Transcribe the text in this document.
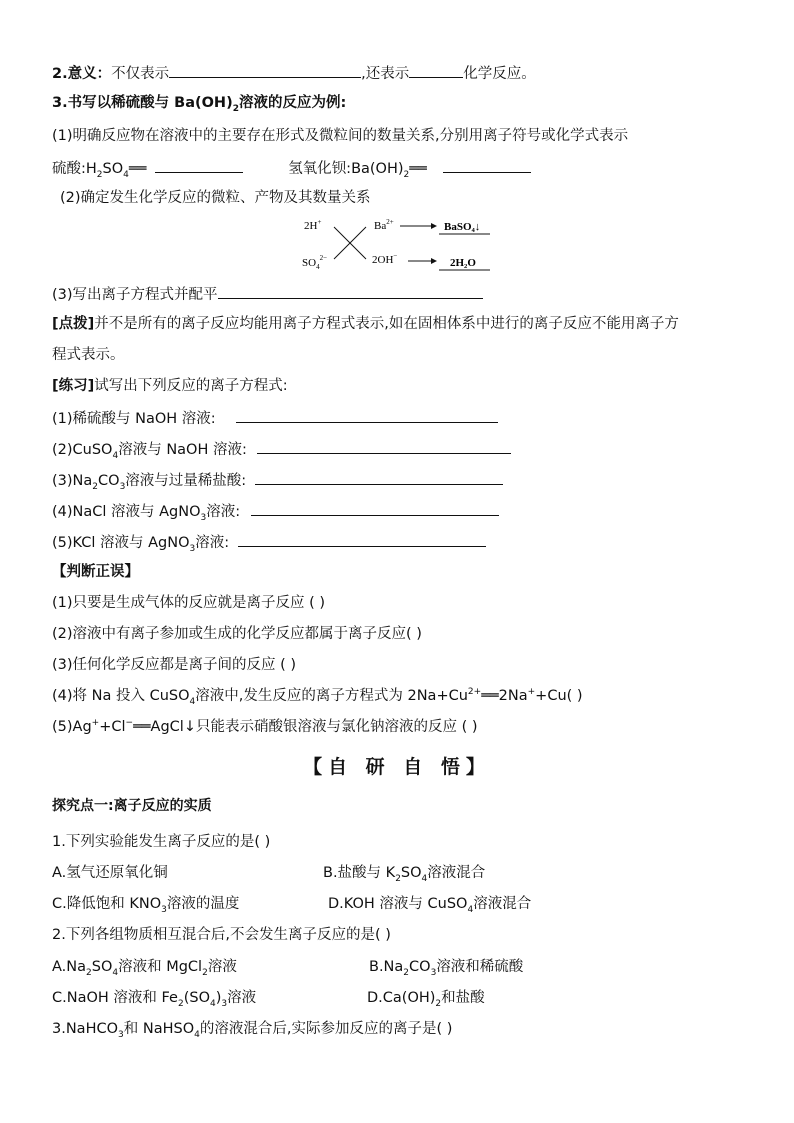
2.意义：不仅表示	,还表示	化学反应。
3.书写以稀硫酸与 $Ba(OH)_2$溶液的反应为例:
(1)明确反应物在溶液中的主要存在形式及微粒间的数量关系,分别用离子符号或化学式表示
硫酸$:H_2SO_4══$	氢氧化钡$:Ba(OH)_2══$
(2)确定发生化学反应的微粒、产物及其数量关系
2H+
$SO_4^{2-}$
$Ba^{2+}$
2OH−
BaSO₄↓
2H₂O
(3)写出离子方程式并配平
[点拨]并不是所有的离子反应均能用离子方程式表示,如在固相体系中进行的离子反应不能用离子方
程式表示。
[练习]试写出下列反应的离子方程式:
(1)稀硫酸与 NaOH 溶液:
(2)CuSO$_4$溶液与 NaOH 溶液:
$(3)Na_2CO_3$溶液与过量稀盐酸:
(4)NaCl 溶液与 AgNO$_3$溶液:
(5)KCl 溶液与 AgNO$_3$溶液:
【判断正误】
(1)只要是生成气体的反应就是离子反应 ( )
(2)溶液中有离子参加或生成的化学反应都属于离子反应( )
(3)任何化学反应都是离子间的反应 ( )
(4)将 Na 投入 CuSO$_4$溶液中,发生反应的离子方程式为 $2Na+Cu^{2+}══2Na^++Cu$( )
(5)Ag++Cl−══AgCl↓只能表示硝酸银溶液与氯化钠溶液的反应 ( )
【自 研 自 悟】
探究点一:离子反应的实质
1.下列实验能发生离子反应的是( )
A.氢气还原氧化铜	B.盐酸与 $K_2SO_4$溶液混合
C.降低饱和 $KNO_3$溶液的温度	D.KOH 溶液与 CuSO$_4$溶液混合
2.下列各组物质相互混合后,不会发生离子反应的是( )
$A.Na_2SO_4$溶液和 MgCl$_2$溶液	$B.Na_2CO_3$溶液和稀硫酸
C.NaOH 溶液和 $Fe_2(SO_4)_3$溶液	$D.Ca(OH)_2$和盐酸
3.NaHCO$_3$和 NaHSO$_4$的溶液混合后,实际参加反应的离子是( )
